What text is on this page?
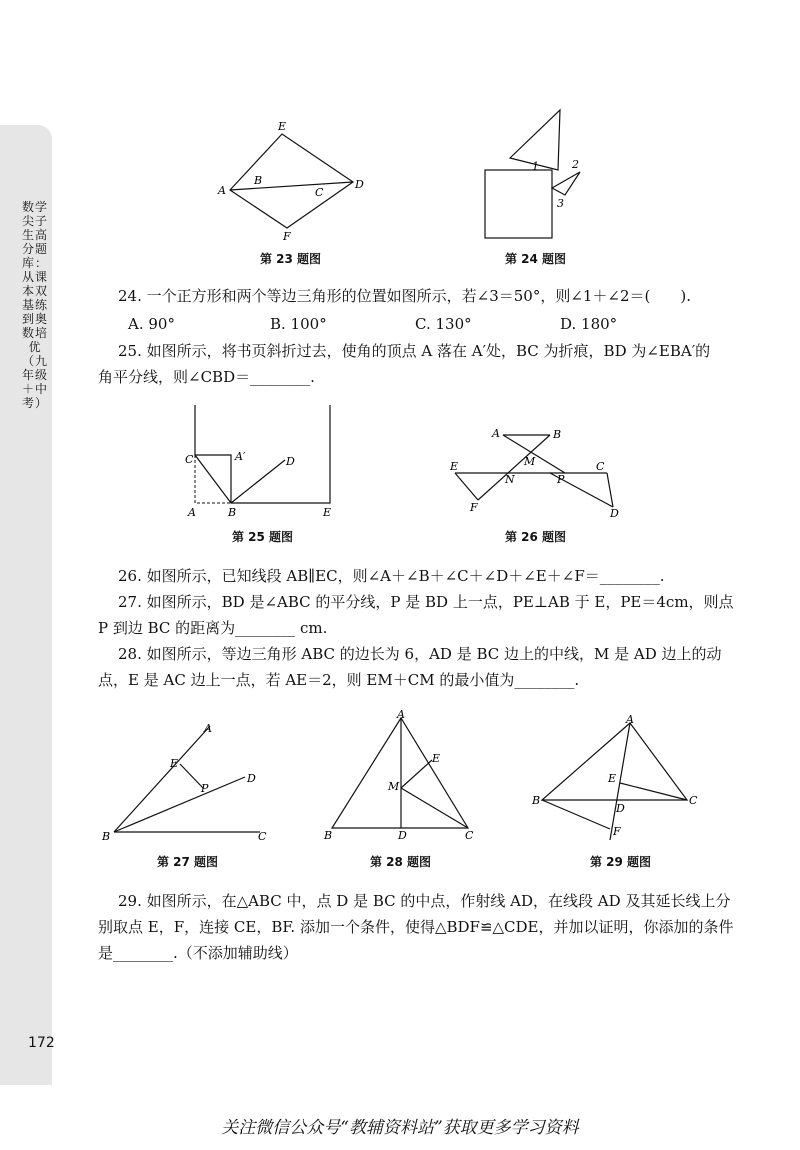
数学尖子生高分题库：从课本双基练到奥数培优（九年级＋中考）
172
E
A
B
C
D
F
第 23 题图
1	2
3
第 24 题图
24. 一个正方形和两个等边三角形的位置如图所示，若∠3＝50°，则∠1＋∠2＝(　　).
A. 90°	B. 100°	C. 130°	D. 180°
25. 如图所示，将书页斜折过去，使角的顶点 A 落在 A′处，BC 为折痕，BD 为∠EBA′的
角平分线，则∠CBD＝________.
C	A′	D
A	B	E
第 25 题图
A	B
M
E
N	P
C
F	D
第 26 题图
26. 如图所示，已知线段 AB∥EC，则∠A＋∠B＋∠C＋∠D＋∠E＋∠F＝________.
27. 如图所示，BD 是∠ABC 的平分线，P 是 BD 上一点，PE⊥AB 于 E，PE＝4cm，则点
P 到边 BC 的距离为________ cm.
28. 如图所示，等边三角形 ABC 的边长为 6，AD 是 BC 边上的中线，M 是 AD 边上的动
点，E 是 AC 边上一点，若 AE＝2，则 EM＋CM 的最小值为________.
A
E
P
D
B	C
第 27 题图
A
E
M
B	D	C
第 28 题图
A
E
B
D
C
F
第 29 题图
29. 如图所示，在△ABC 中，点 D 是 BC 的中点，作射线 AD，在线段 AD 及其延长线上分
别取点 E，F，连接 CE，BF. 添加一个条件，使得△BDF≌△CDE，并加以证明，你添加的条件
是________.（不添加辅助线）
关注微信公众号“教辅资料站”获取更多学习资料
